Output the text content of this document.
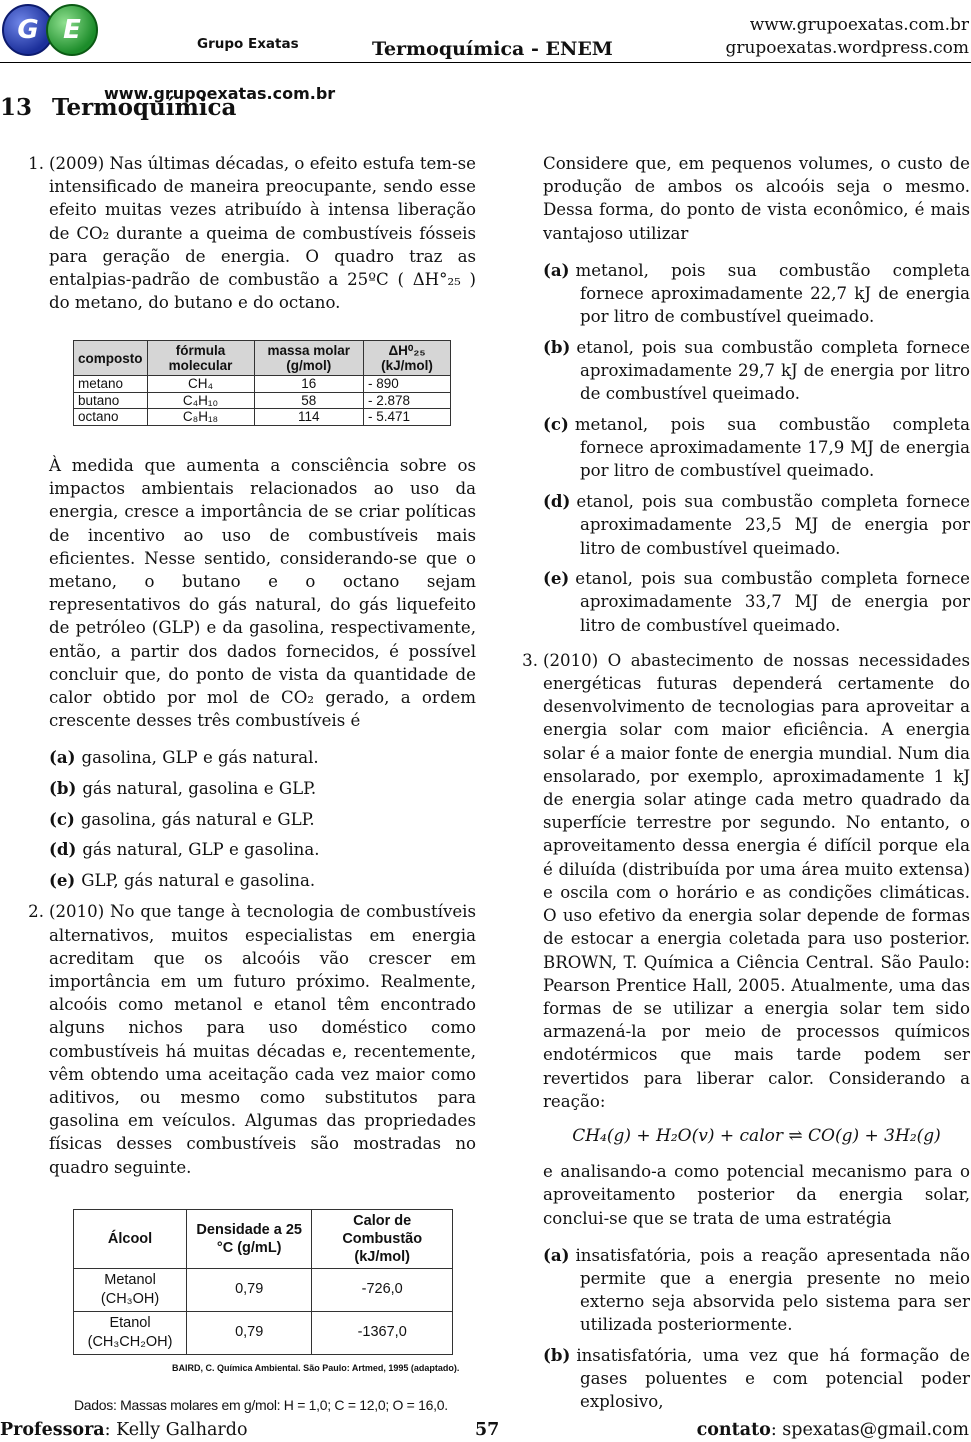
G E	Grupo Exatas
www.grupoexatas.com.br
Termoquímica - ENEM
www.grupoexatas.com.br
grupoexatas.wordpress.com
13 Termoquímica
1. (2009) Nas últimas décadas, o efeito estufa tem-se intensificado de maneira preocupante, sendo esse efeito muitas vezes atribuído à intensa liberação de CO₂ durante a queima de combustíveis fósseis para geração de energia. O quadro traz as entalpias-padrão de combustão a 25ºC ( ΔH°₂₅ ) do metano, do butano e do octano.
composto	fórmula molecular	massa molar (g/mol)	ΔH⁰₂₅ (kJ/mol)
metano	CH₄	16	- 890
butano	C₄H₁₀	58	- 2.878
octano	C₈H₁₈	114	- 5.471
À medida que aumenta a consciência sobre os impactos ambientais relacionados ao uso da energia, cresce a importância de se criar políticas de incentivo ao uso de combustíveis mais eficientes. Nesse sentido, considerando-se que o metano, o butano e o octano sejam representativos do gás natural, do gás liquefeito de petróleo (GLP) e da gasolina, respectivamente, então, a partir dos dados fornecidos, é possível concluir que, do ponto de vista da quantidade de calor obtido por mol de CO₂ gerado, a ordem crescente desses três combustíveis é
(a) gasolina, GLP e gás natural.
(b) gás natural, gasolina e GLP.
(c) gasolina, gás natural e GLP.
(d) gás natural, GLP e gasolina.
(e) GLP, gás natural e gasolina.
2. (2010) No que tange à tecnologia de combustíveis alternativos, muitos especialistas em energia acreditam que os alcoóis vão crescer em importância em um futuro próximo. Realmente, alcoóis como metanol e etanol têm encontrado alguns nichos para uso doméstico como combustíveis há muitas décadas e, recentemente, vêm obtendo uma aceitação cada vez maior como aditivos, ou mesmo como substitutos para gasolina em veículos. Algumas das propriedades físicas desses combustíveis são mostradas no quadro seguinte.
Álcool	Densidade a 25 °C (g/mL)	Calor de Combustão (kJ/mol)
Metanol (CH₃OH)	0,79	-726,0
Etanol (CH₃CH₂OH)	0,79	-1367,0
BAIRD, C. Química Ambiental. São Paulo: Artmed, 1995 (adaptado).
Dados: Massas molares em g/mol: H = 1,0; C = 12,0; O = 16,0.
Considere que, em pequenos volumes, o custo de produção de ambos os alcoóis seja o mesmo. Dessa forma, do ponto de vista econômico, é mais vantajoso utilizar
(a) metanol, pois sua combustão completa fornece aproximadamente 22,7 kJ de energia por litro de combustível queimado.
(b) etanol, pois sua combustão completa fornece aproximadamente 29,7 kJ de energia por litro de combustível queimado.
(c) metanol, pois sua combustão completa fornece aproximadamente 17,9 MJ de energia por litro de combustível queimado.
(d) etanol, pois sua combustão completa fornece aproximadamente 23,5 MJ de energia por litro de combustível queimado.
(e) etanol, pois sua combustão completa fornece aproximadamente 33,7 MJ de energia por litro de combustível queimado.
3. (2010) O abastecimento de nossas necessidades energéticas futuras dependerá certamente do desenvolvimento de tecnologias para aproveitar a energia solar com maior eficiência. A energia solar é a maior fonte de energia mundial. Num dia ensolarado, por exemplo, aproximadamente 1 kJ de energia solar atinge cada metro quadrado da superfície terrestre por segundo. No entanto, o aproveitamento dessa energia é difícil porque ela é diluída (distribuída por uma área muito extensa) e oscila com o horário e as condições climáticas. O uso efetivo da energia solar depende de formas de estocar a energia coletada para uso posterior. BROWN, T. Química a Ciência Central. São Paulo: Pearson Prentice Hall, 2005. Atualmente, uma das formas de se utilizar a energia solar tem sido armazená-la por meio de processos químicos endotérmicos que mais tarde podem ser revertidos para liberar calor. Considerando a reação:
CH₄(g) + H₂O(v) + calor ⇌ CO(g) + 3H₂(g)
e analisando-a como potencial mecanismo para o aproveitamento posterior da energia solar, conclui-se que se trata de uma estratégia
(a) insatisfatória, pois a reação apresentada não permite que a energia presente no meio externo seja absorvida pelo sistema para ser utilizada posteriormente.
(b) insatisfatória, uma vez que há formação de gases poluentes e com potencial poder explosivo,
Professora: Kelly Galhardo	57	contato: spexatas@gmail.com
